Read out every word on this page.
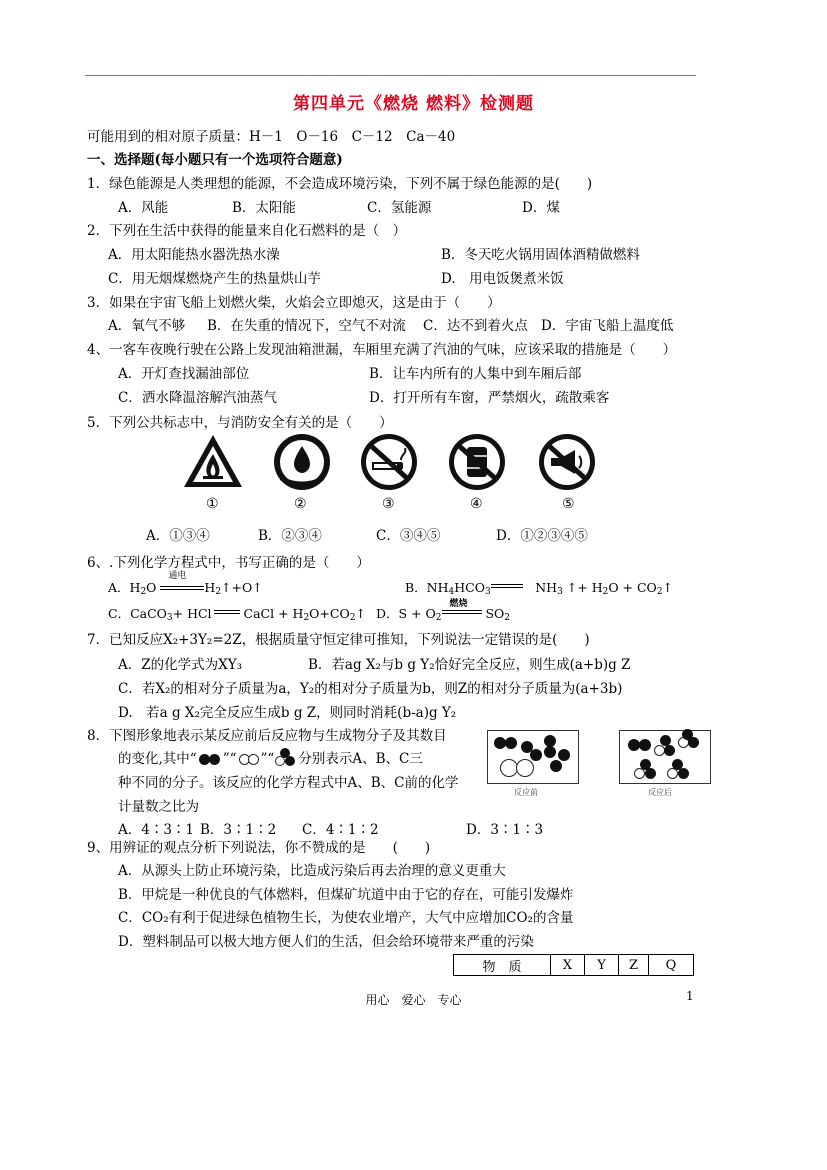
第四单元《燃烧 燃料》检测题
可能用到的相对原子质量：H－1　O－16　C－12　Ca－40
一、选择题(每小题只有一个选项符合题意)
1．绿色能源是人类理想的能源，不会造成环境污染，下列不属于绿色能源的是(　　)
A．风能	B．太阳能	C．氢能源	D．煤
2．下列在生活中获得的能量来自化石燃料的是（　）
A．用太阳能热水器洗热水澡	B．冬天吃火锅用固体酒精做燃料
C．用无烟煤燃烧产生的热量烘山芋	D.　用电饭煲煮米饭
3．如果在宇宙飞船上划燃火柴，火焰会立即熄灭，这是由于（　　）
A．氧气不够 B．在失重的情况下，空气不对流 C．达不到着火点 D．宇宙飞船上温度低
4、一客车夜晚行驶在公路上发现油箱泄漏，车厢里充满了汽油的气味，应该采取的措施是（　　）
A．开灯查找漏油部位	B．让车内所有的人集中到车厢后部
C．洒水降温溶解汽油蒸气	D．打开所有车窗，严禁烟火，疏散乘客
5．下列公共标志中，与消防安全有关的是（　　）
①	②	③	④	⑤
A．①③④	B．②③④	C．③④⑤	D．①②③④⑤
6、.下列化学方程式中，书写正确的是（　　）
A．$H_2O$
通电
$H_2↑+O↑$	B．$NH_4HCO_3$	　$NH_3$ ↑+ $H_2O$ + $CO_2↑$
C．CaCO$_3$+ HCl
CaCl + $H_2O+CO_2↑$ D．$S + O_2$
燃烧
$SO_2$
7．已知反应X₂+3Y₂=2Z，根据质量守恒定律可推知，下列说法一定错误的是(　　)
A．Z的化学式为XY₃	B．若ag X₂与b g Y₂恰好完全反应，则生成(a+b)g Z
C．若X₂的相对分子质量为a，Y₂的相对分子质量为b，则Z的相对分子质量为(a+3b)
D.　若a g X₂完全反应生成b g Z，则同时消耗(b-a)g Y₂
8．下图形象地表示某反应前后反应物与生成物分子及其数目
的变化,其中“ ”“ ”“ 分别表示A、B、C三
种不同的分子。该反应的化学方程式中A、B、C前的化学
计量数之比为
A．4∶3∶1 B．3∶1∶2 C．4∶1∶2	D．3∶1∶3
反应前	反应后
9、用辨证的观点分析下列说法，你不赞成的是　　(　　)
A．从源头上防止环境污染，比造成污染后再去治理的意义更重大
B．甲烷是一种优良的气体燃料，但煤矿坑道中由于它的存在，可能引发爆炸
C．CO₂有利于促进绿色植物生长，为使农业增产，大气中应增加CO₂的含量
D．塑料制品可以极大地方便人们的生活，但会给环境带来严重的污染
物　质	X	Y	Z	Q
用心　爱心　专心	1
